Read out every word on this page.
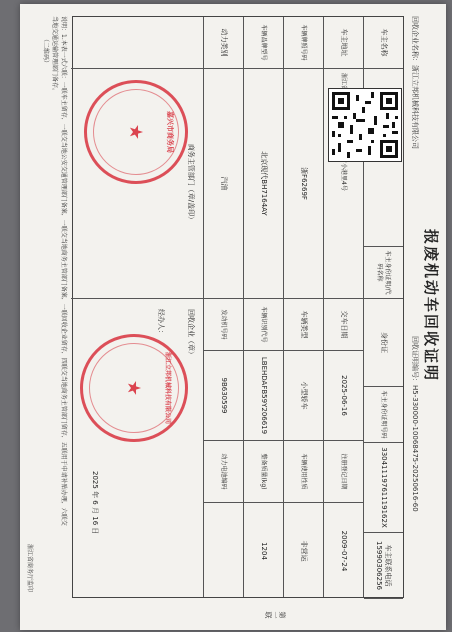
报废机动车回收证明
回收证明编号：H5-330000-10068475-20250616-60
回收企业名称：浙江立邦机械科技有限公司
车主名称
车主身份证明/代码名称
身份证
车主身份证明号码
33041119761119162X
车主联系电话
15990306256
车主地址
交车日期
2025-06-16
注册登记日期
2009-07-24
车辆牌照号码
浙F6269F
车辆类型
小型轿车
车辆使用性质
非营运
车辆品牌型号
北京现代BH7164AY
车辆识别代号
LBEHDAFB59Y206619
整备质量(kg)
1204
动力类别
汽油
发动机号码
9B630599
动力电池编码
商务主管部门（章/盖印）
回收企业（章）
经办人：
2025 年 6 月 16 日
★	嘉兴市商务局
★	浙江立邦机械科技有限公司
说明：1.本表一式六联：一联车主留存，一联交当地公安交通管理部门备案，一联交当地商务主管部门备案，一联回收企业留存，四联交当地商务主管部门留存，五联用于申请补贴办理，六联交
当地交通运输管理部门备存。
（二维码）
浙江省商务厅监印
第一联
